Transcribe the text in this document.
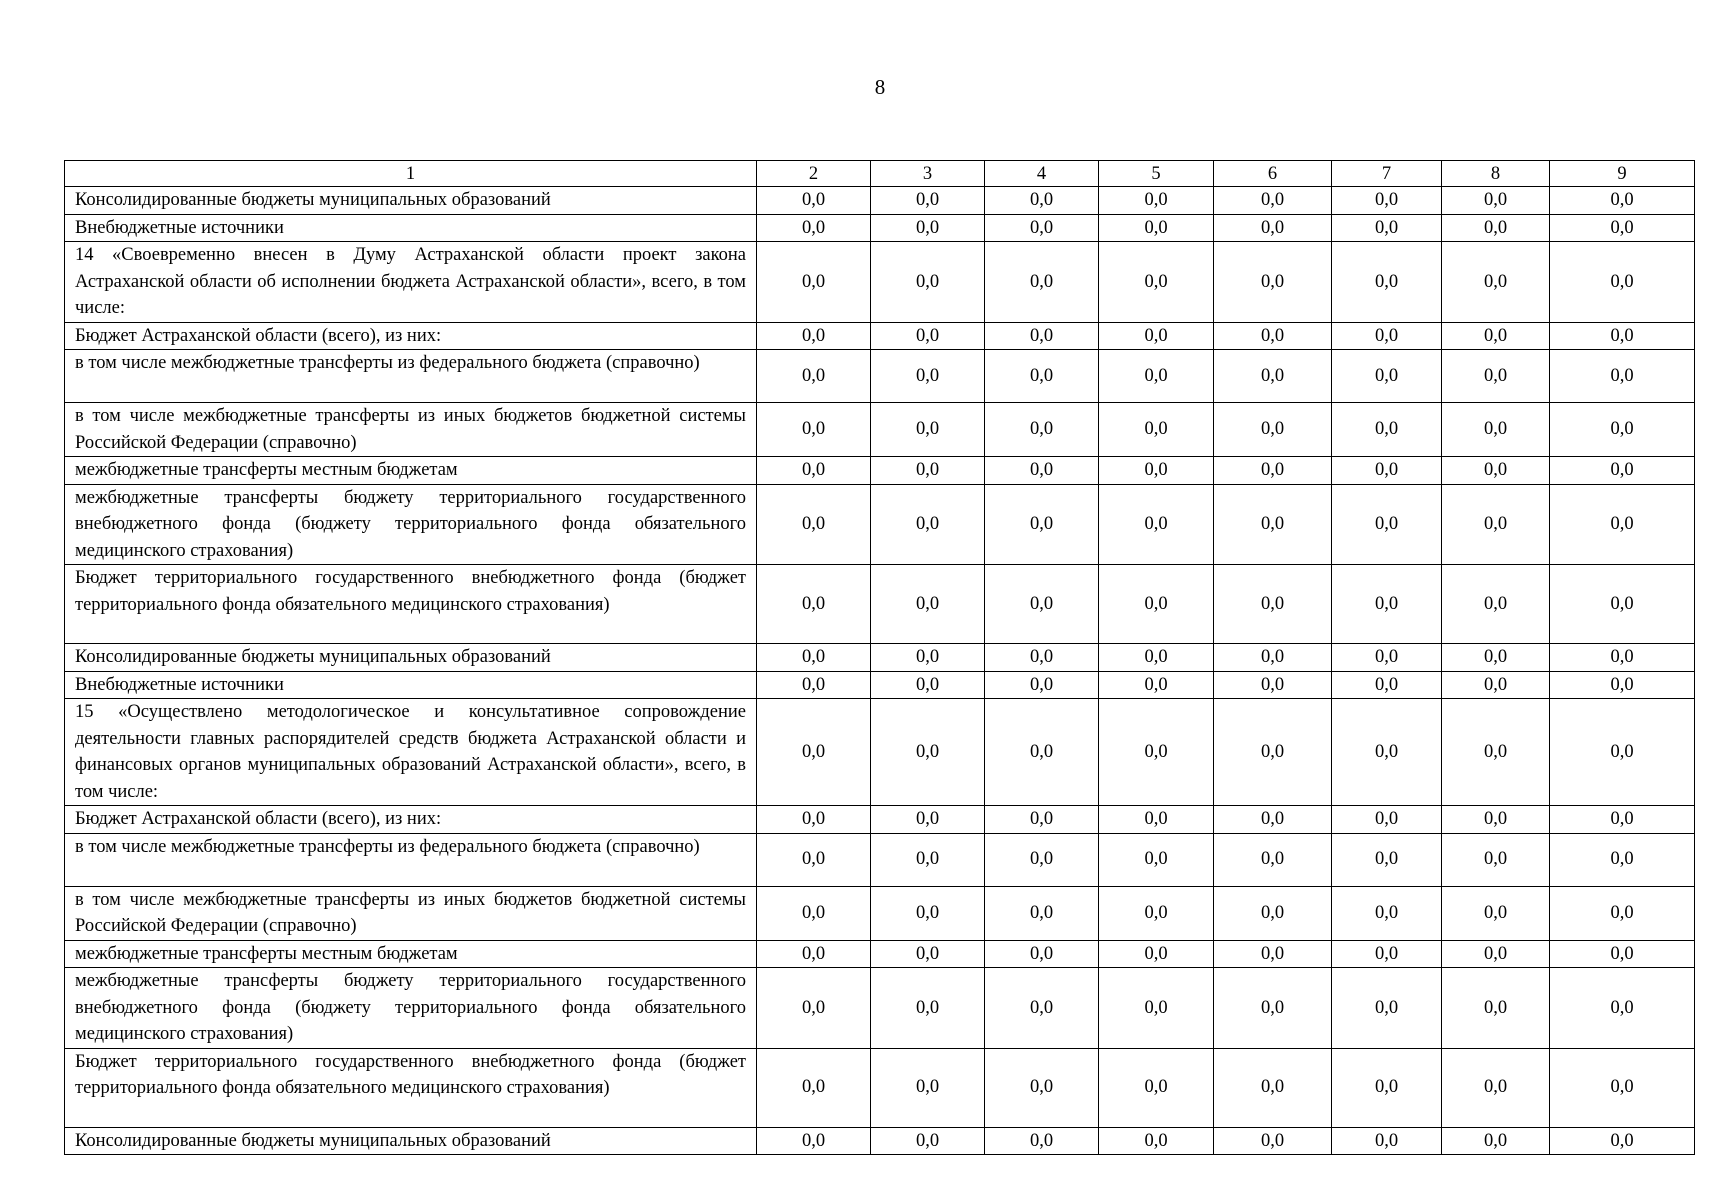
8
1	2	3	4	5	6	7	8	9
Консолидированные бюджеты муниципальных образований	0,0	0,0	0,0	0,0	0,0	0,0	0,0	0,0
Внебюджетные источники	0,0	0,0	0,0	0,0	0,0	0,0	0,0	0,0
14 «Своевременно внесен в Думу Астраханской области проект закона Астраханской области об исполнении бюджета Астраханской области», всего, в том числе:	0,0	0,0	0,0	0,0	0,0	0,0	0,0	0,0
Бюджет Астраханской области (всего), из них:	0,0	0,0	0,0	0,0	0,0	0,0	0,0	0,0
в том числе межбюджетные трансферты из федерального бюджета (справочно)	0,0	0,0	0,0	0,0	0,0	0,0	0,0	0,0
в том числе межбюджетные трансферты из иных бюджетов бюджетной системы Российской Федерации (справочно)	0,0	0,0	0,0	0,0	0,0	0,0	0,0	0,0
межбюджетные трансферты местным бюджетам	0,0	0,0	0,0	0,0	0,0	0,0	0,0	0,0
межбюджетные трансферты бюджету территориального государственного внебюджетного фонда (бюджету территориального фонда обязательного медицинского страхования)	0,0	0,0	0,0	0,0	0,0	0,0	0,0	0,0
Бюджет территориального государственного внебюджетного фонда (бюджет территориального фонда обязательного медицинского страхования)	0,0	0,0	0,0	0,0	0,0	0,0	0,0	0,0
Консолидированные бюджеты муниципальных образований	0,0	0,0	0,0	0,0	0,0	0,0	0,0	0,0
Внебюджетные источники	0,0	0,0	0,0	0,0	0,0	0,0	0,0	0,0
15 «Осуществлено методологическое и консультативное сопровождение деятельности главных распорядителей средств бюджета Астраханской области и финансовых органов муниципальных образований Астраханской области», всего, в том числе:	0,0	0,0	0,0	0,0	0,0	0,0	0,0	0,0
Бюджет Астраханской области (всего), из них:	0,0	0,0	0,0	0,0	0,0	0,0	0,0	0,0
в том числе межбюджетные трансферты из федерального бюджета (справочно)	0,0	0,0	0,0	0,0	0,0	0,0	0,0	0,0
в том числе межбюджетные трансферты из иных бюджетов бюджетной системы Российской Федерации (справочно)	0,0	0,0	0,0	0,0	0,0	0,0	0,0	0,0
межбюджетные трансферты местным бюджетам	0,0	0,0	0,0	0,0	0,0	0,0	0,0	0,0
межбюджетные трансферты бюджету территориального государственного внебюджетного фонда (бюджету территориального фонда обязательного медицинского страхования)	0,0	0,0	0,0	0,0	0,0	0,0	0,0	0,0
Бюджет территориального государственного внебюджетного фонда (бюджет территориального фонда обязательного медицинского страхования)	0,0	0,0	0,0	0,0	0,0	0,0	0,0	0,0
Консолидированные бюджеты муниципальных образований	0,0	0,0	0,0	0,0	0,0	0,0	0,0	0,0
